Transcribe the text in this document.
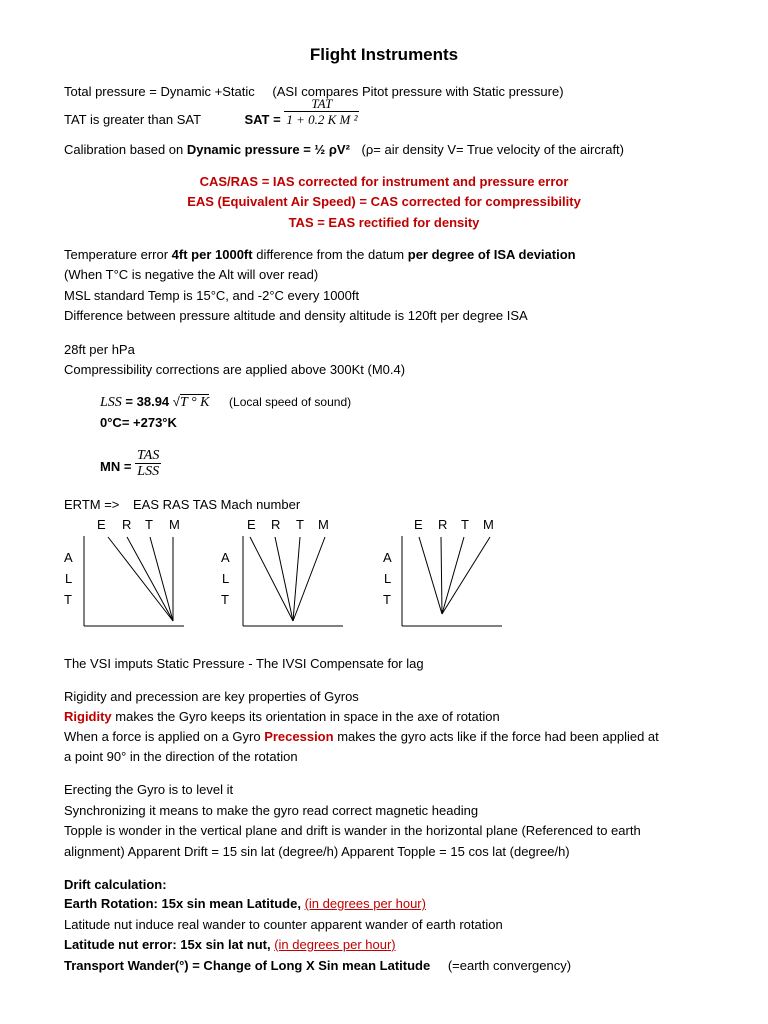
Flight Instruments
Total pressure = Dynamic +Static (ASI compares Pitot pressure with Static pressure)
TAT is greater than SAT	SAT = $\frac{\text{TAT}}{\text{1 + 0.2 K M ²}}$
Calibration based on Dynamic pressure = ½ ρV² (ρ= air density V= True velocity of the aircraft)
CAS/RAS = IAS corrected for instrument and pressure error
EAS (Equivalent Air Speed) = CAS corrected for compressibility
TAS = EAS rectified for density
Temperature error 4ft per 1000ft difference from the datum per degree of ISA deviation
(When T°C is negative the Alt will over read)
MSL standard Temp is 15°C, and -2°C every 1000ft
Difference between pressure altitude and density altitude is 120ft per degree ISA
28ft per hPa
Compressibility corrections are applied above 300Kt (M0.4)
LSS = 38.94 √T ° K (Local speed of sound)
0°C= +273°K
MN = $\frac{\text{TAS}}{\text{LSS}}$
ERTM => EAS RAS TAS Mach number
E R T M
A
L
T
E R T M
A
L
T
E R T M
A
L
T
The VSI imputs Static Pressure - The IVSI Compensate for lag
Rigidity and precession are key properties of Gyros
Rigidity makes the Gyro keeps its orientation in space in the axe of rotation
When a force is applied on a Gyro Precession makes the gyro acts like if the force had been applied at
a point 90° in the direction of the rotation
Erecting the Gyro is to level it
Synchronizing it means to make the gyro read correct magnetic heading
Topple is wonder in the vertical plane and drift is wander in the horizontal plane (Referenced to earth
alignment) Apparent Drift = 15 sin lat (degree/h) Apparent Topple = 15 cos lat (degree/h)
Drift calculation:
Earth Rotation: 15x sin mean Latitude, (in degrees per hour)
Latitude nut induce real wander to counter apparent wander of earth rotation
Latitude nut error: 15x sin lat nut, (in degrees per hour)
Transport Wander(°) = Change of Long X Sin mean Latitude (=earth convergency)
